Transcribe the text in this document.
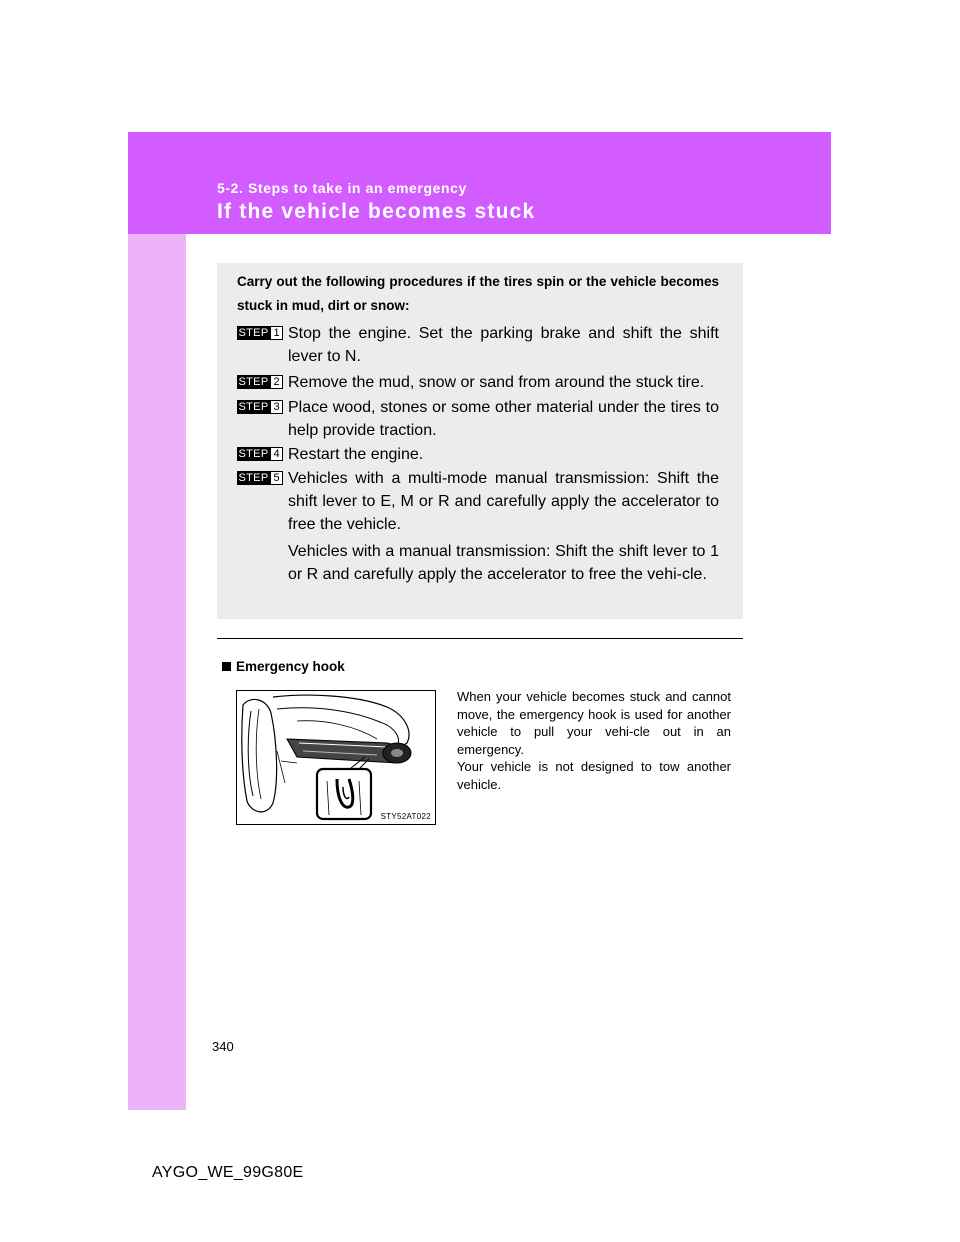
5-2. Steps to take in an emergency
If the vehicle becomes stuck
Carry out the following procedures if the tires spin or the vehicle becomes stuck in mud, dirt or snow:
STEP 1 Stop the engine. Set the parking brake and shift the shift lever to N.

STEP 2 Remove the mud, snow or sand from around the stuck tire.

STEP 3 Place wood, stones or some other material under the tires to help provide traction.

STEP 4 Restart the engine.

STEP 5 Vehicles with a multi-mode manual transmission: Shift the shift lever to E, M or R and carefully apply the accelerator to free the vehicle.

Vehicles with a manual transmission: Shift the shift lever to 1 or R and carefully apply the accelerator to free the vehi-cle.

Emergency hook
STY52AT022

When your vehicle becomes stuck and cannot move, the emergency hook is used for another vehicle to pull your vehi-cle out in an emergency.

Your vehicle is not designed to tow another vehicle.

340
AYGO_WE_99G80E
